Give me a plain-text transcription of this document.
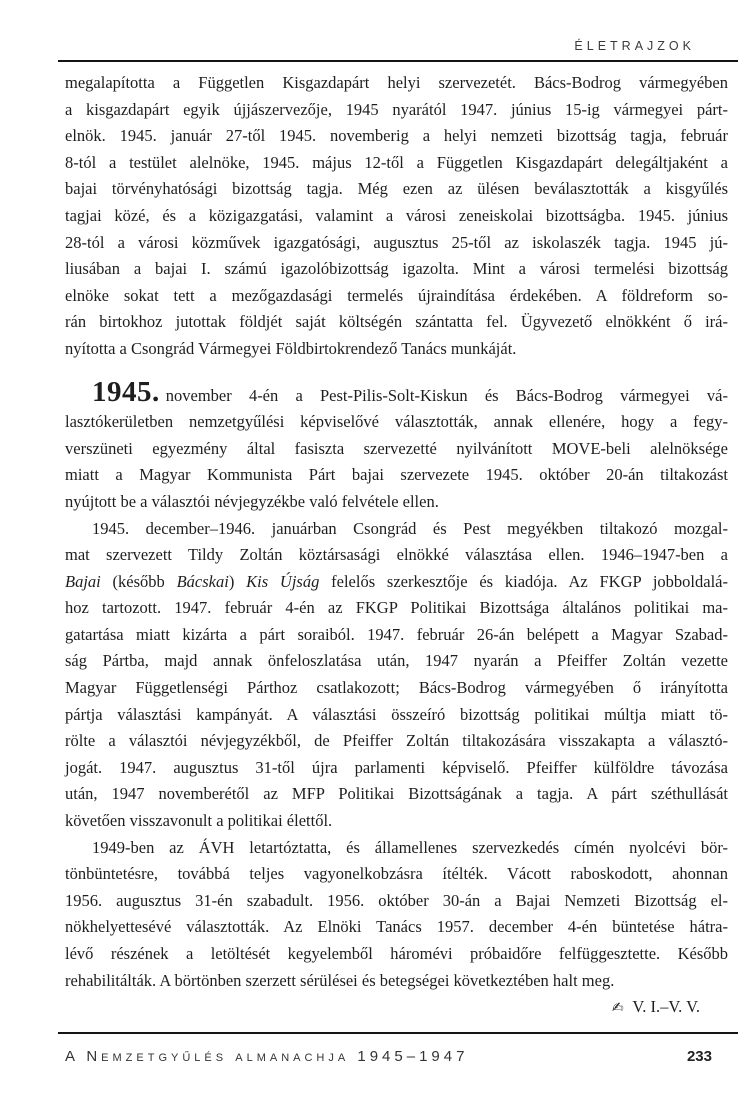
ÉLETRAJZOK
megalapította a Független Kisgazdapárt helyi szervezetét. Bács-Bodrog vármegyében
a kisgazdapárt egyik újjászervezője, 1945 nyarától 1947. június 15-ig vármegyei párt-
elnök. 1945. január 27-től 1945. novemberig a helyi nemzeti bizottság tagja, február
8-tól a testület alelnöke, 1945. május 12-től a Független Kisgazdapárt delegáltjaként a
bajai törvényhatósági bizottság tagja. Még ezen az ülésen beválasztották a kisgyűlés
tagjai közé, és a közigazgatási, valamint a városi zeneiskolai bizottságba. 1945. június
28-tól a városi közművek igazgatósági, augusztus 25-től az iskolaszék tagja. 1945 jú-
liusában a bajai I. számú igazolóbizottság igazolta. Mint a városi termelési bizottság
elnöke sokat tett a mezőgazdasági termelés újraindítása érdekében. A földreform so-
rán birtokhoz jutottak földjét saját költségén szántatta fel. Ügyvezető elnökként ő irá-
nyította a Csongrád Vármegyei Földbirtokrendező Tanács munkáját.
1945. november 4-én a Pest-Pilis-Solt-Kiskun és Bács-Bodrog vármegyei vá-
lasztókerületben nemzetgyűlési képviselővé választották, annak ellenére, hogy a fegy-
verszüneti egyezmény által fasiszta szervezetté nyilvánított MOVE-beli alelnöksége
miatt a Magyar Kommunista Párt bajai szervezete 1945. október 20-án tiltakozást
nyújtott be a választói névjegyzékbe való felvétele ellen.
1945. december–1946. januárban Csongrád és Pest megyékben tiltakozó mozgal-
mat szervezett Tildy Zoltán köztársasági elnökké választása ellen. 1946–1947-ben a
Bajai (később Bácskai) Kis Újság felelős szerkesztője és kiadója. Az FKGP jobboldalá-
hoz tartozott. 1947. február 4-én az FKGP Politikai Bizottsága általános politikai ma-
gatartása miatt kizárta a párt soraiból. 1947. február 26-án belépett a Magyar Szabad-
ság Pártba, majd annak önfeloszlatása után, 1947 nyarán a Pfeiffer Zoltán vezette
Magyar Függetlenségi Párthoz csatlakozott; Bács-Bodrog vármegyében ő irányította
pártja választási kampányát. A választási összeíró bizottság politikai múltja miatt tö-
rölte a választói névjegyzékből, de Pfeiffer Zoltán tiltakozására visszakapta a választó-
jogát. 1947. augusztus 31-től újra parlamenti képviselő. Pfeiffer külföldre távozása
után, 1947 novemberétől az MFP Politikai Bizottságának a tagja. A párt széthullását
követően visszavonult a politikai élettől.
1949-ben az ÁVH letartóztatta, és államellenes szervezkedés címén nyolcévi bör-
tönbüntetésre, továbbá teljes vagyonelkobzásra ítélték. Vácott raboskodott, ahonnan
1956. augusztus 31-én szabadult. 1956. október 30-án a Bajai Nemzeti Bizottság el-
nökhelyettesévé választották. Az Elnöki Tanács 1957. december 4-én büntetése hátra-
lévő részének a letöltését kegyelemből háromévi próbaidőre felfüggesztette. Később
rehabilitálták. A börtönben szerzett sérülései és betegségei következtében halt meg.
✍ V. I.–V. V.
A Nemzetgyűlés almanachja 1945–1947	233
